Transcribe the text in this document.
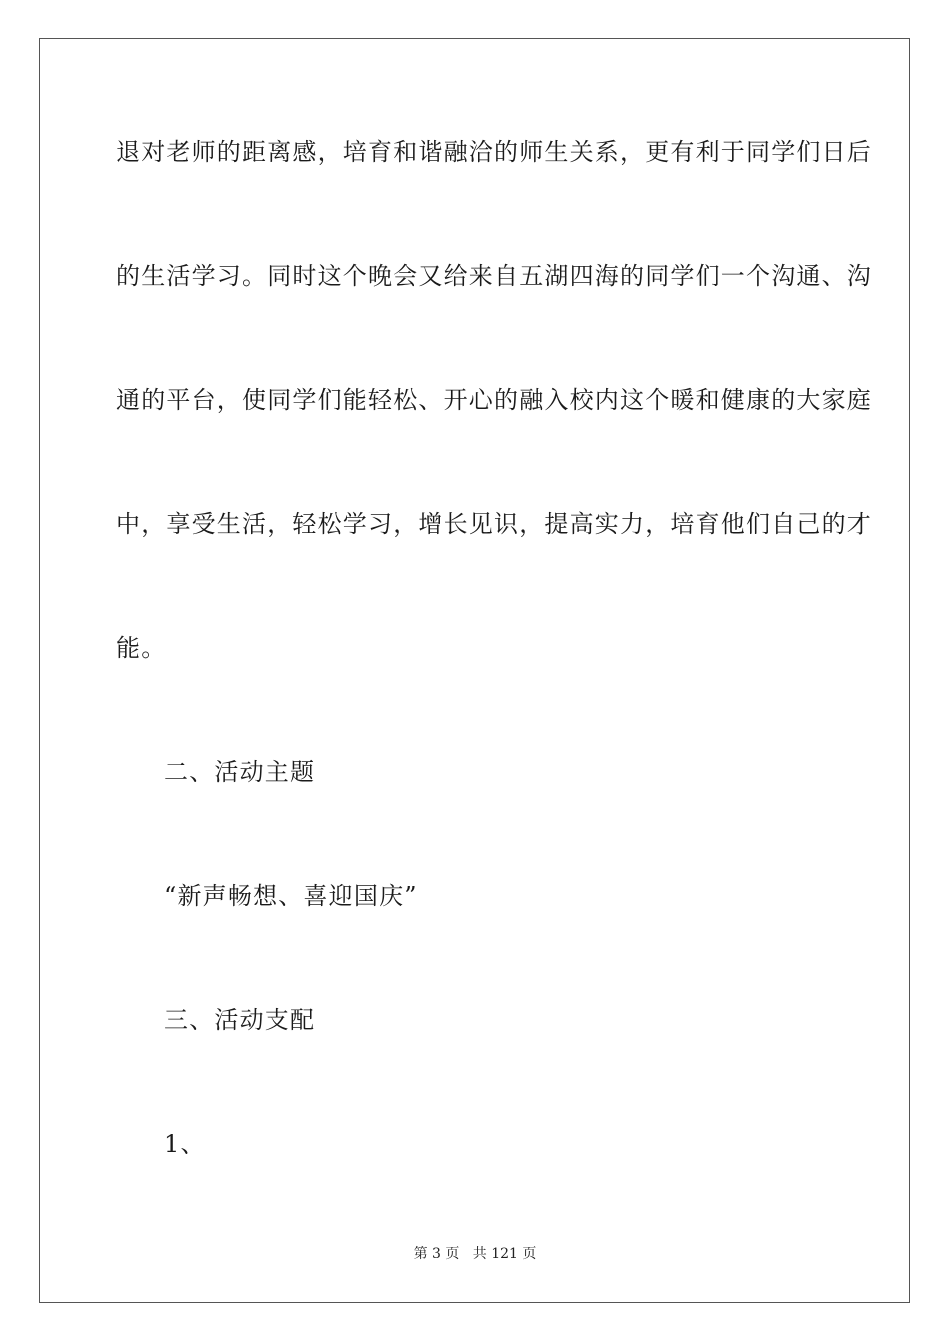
退对老师的距离感，培育和谐融洽的师生关系，更有利于同学们日后
的生活学习。同时这个晚会又给来自五湖四海的同学们一个沟通、沟
通的平台，使同学们能轻松、开心的融入校内这个暖和健康的大家庭
中，享受生活，轻松学习，增长见识，提高实力，培育他们自己的才
能。
二、活动主题
“新声畅想、喜迎国庆”
三、活动支配
1、
第 3 页   共 121 页
